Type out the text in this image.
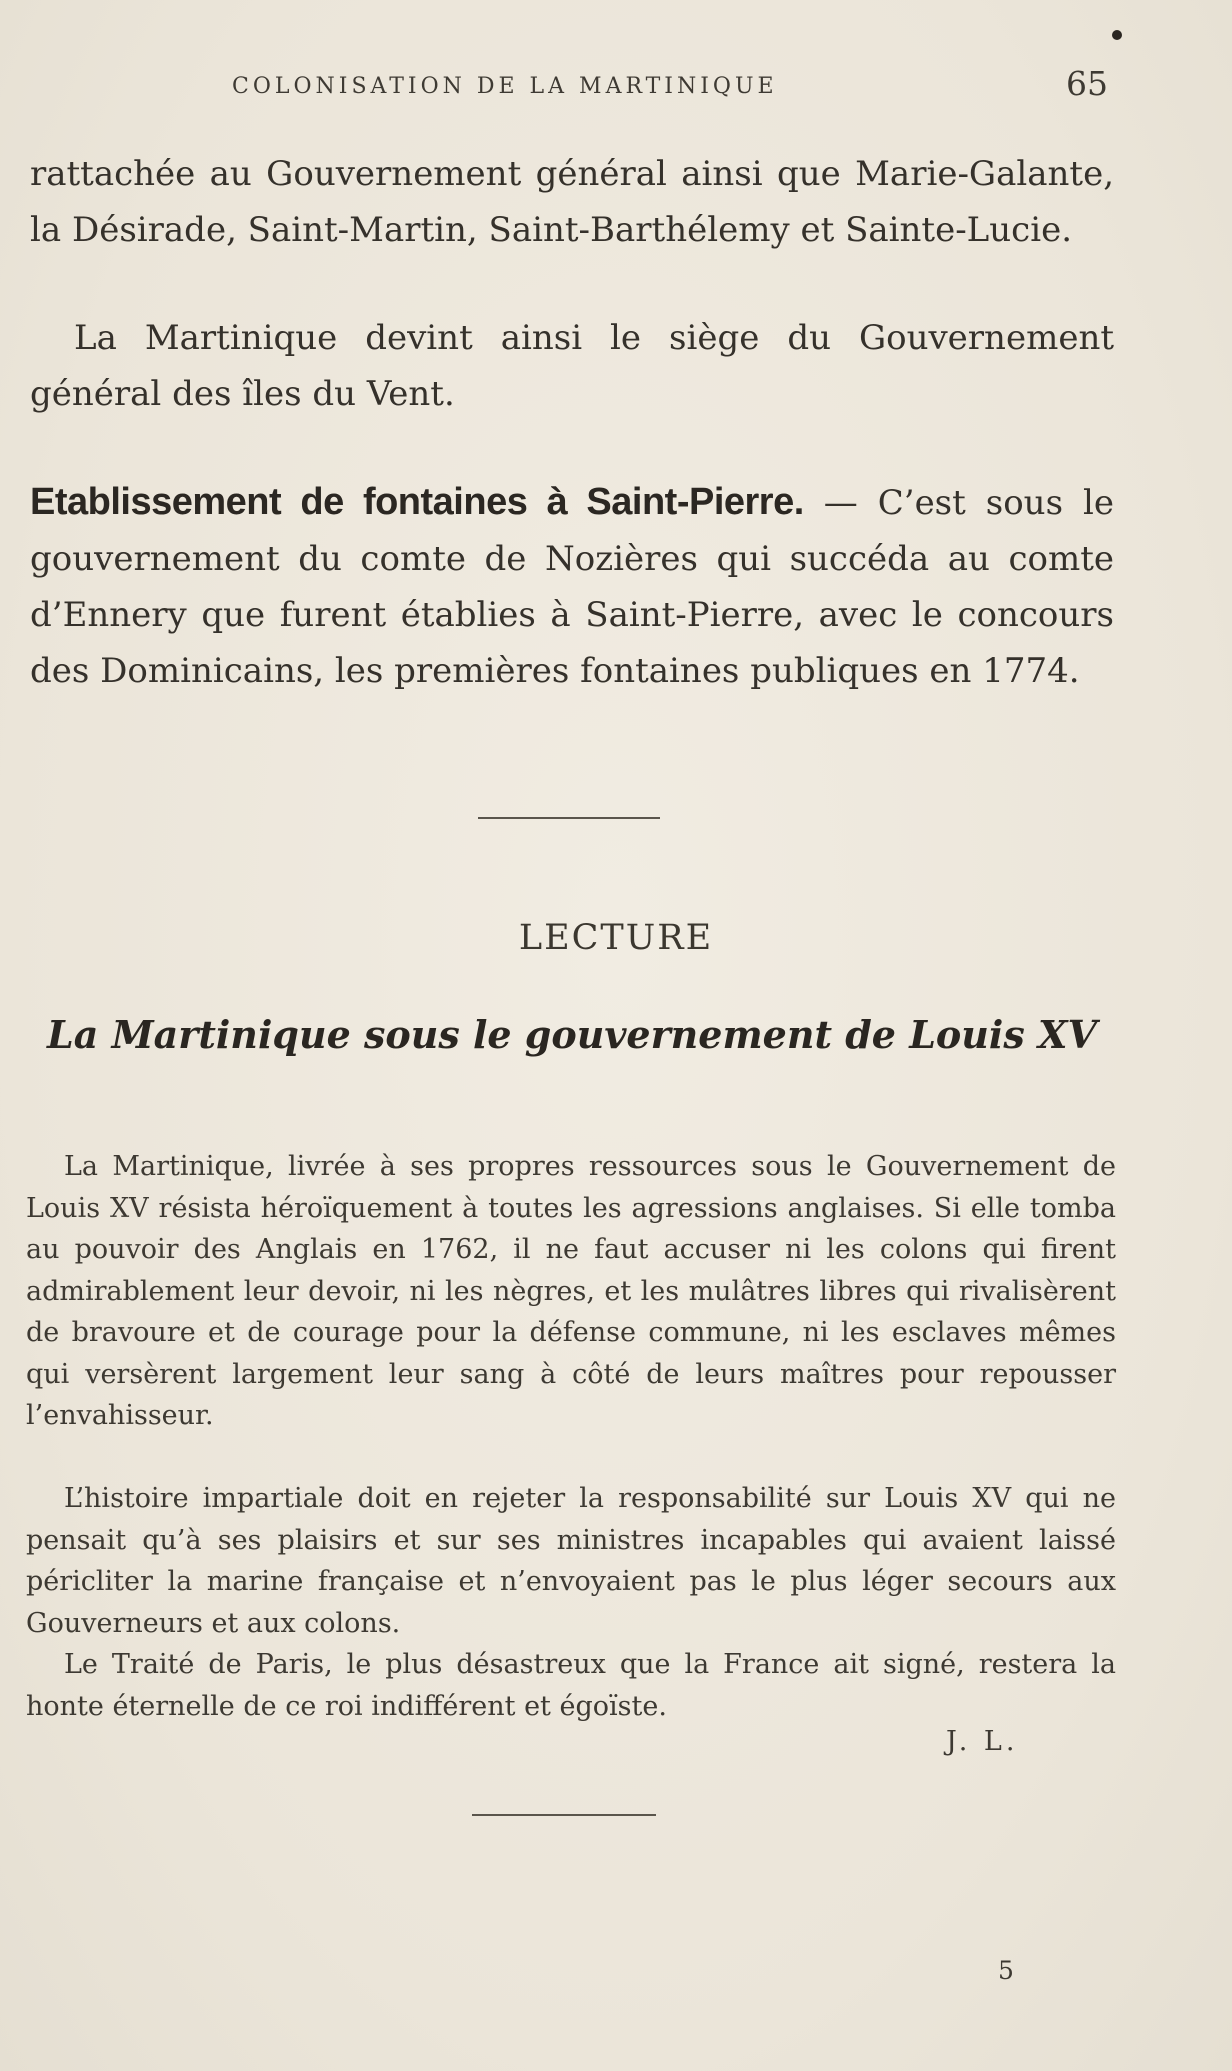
COLONISATION DE LA MARTINIQUE	65

rattachée au Gouvernement général ainsi que Marie-Galante, la Désirade, Saint-Martin, Saint-Barthélemy et Sainte-Lucie.

La Martinique devint ainsi le siège du Gouvernement général des îles du Vent.

Etablissement de fontaines à Saint-Pierre. — C’est sous le gouvernement du comte de Nozières qui succéda au comte d’Ennery que furent établies à Saint-Pierre, avec le concours des Dominicains, les premières fontaines publiques en 1774.

LECTURE
La Martinique sous le gouvernement de Louis XV

La Martinique, livrée à ses propres ressources sous le Gouvernement de Louis XV résista héroïquement à toutes les agressions anglaises. Si elle tomba au pouvoir des Anglais en 1762, il ne faut accuser ni les colons qui firent admirablement leur devoir, ni les nègres, et les mulâtres libres qui rivalisèrent de bravoure et de courage pour la défense commune, ni les esclaves mêmes qui versèrent largement leur sang à côté de leurs maîtres pour repousser l’envahisseur.

L’histoire impartiale doit en rejeter la responsabilité sur Louis XV qui ne pensait qu’à ses plaisirs et sur ses ministres incapables qui avaient laissé péricliter la marine française et n’envoyaient pas le plus léger secours aux Gouverneurs et aux colons.

Le Traité de Paris, le plus désastreux que la France ait signé, restera la honte éternelle de ce roi indifférent et égoïste.

J. L.
5
